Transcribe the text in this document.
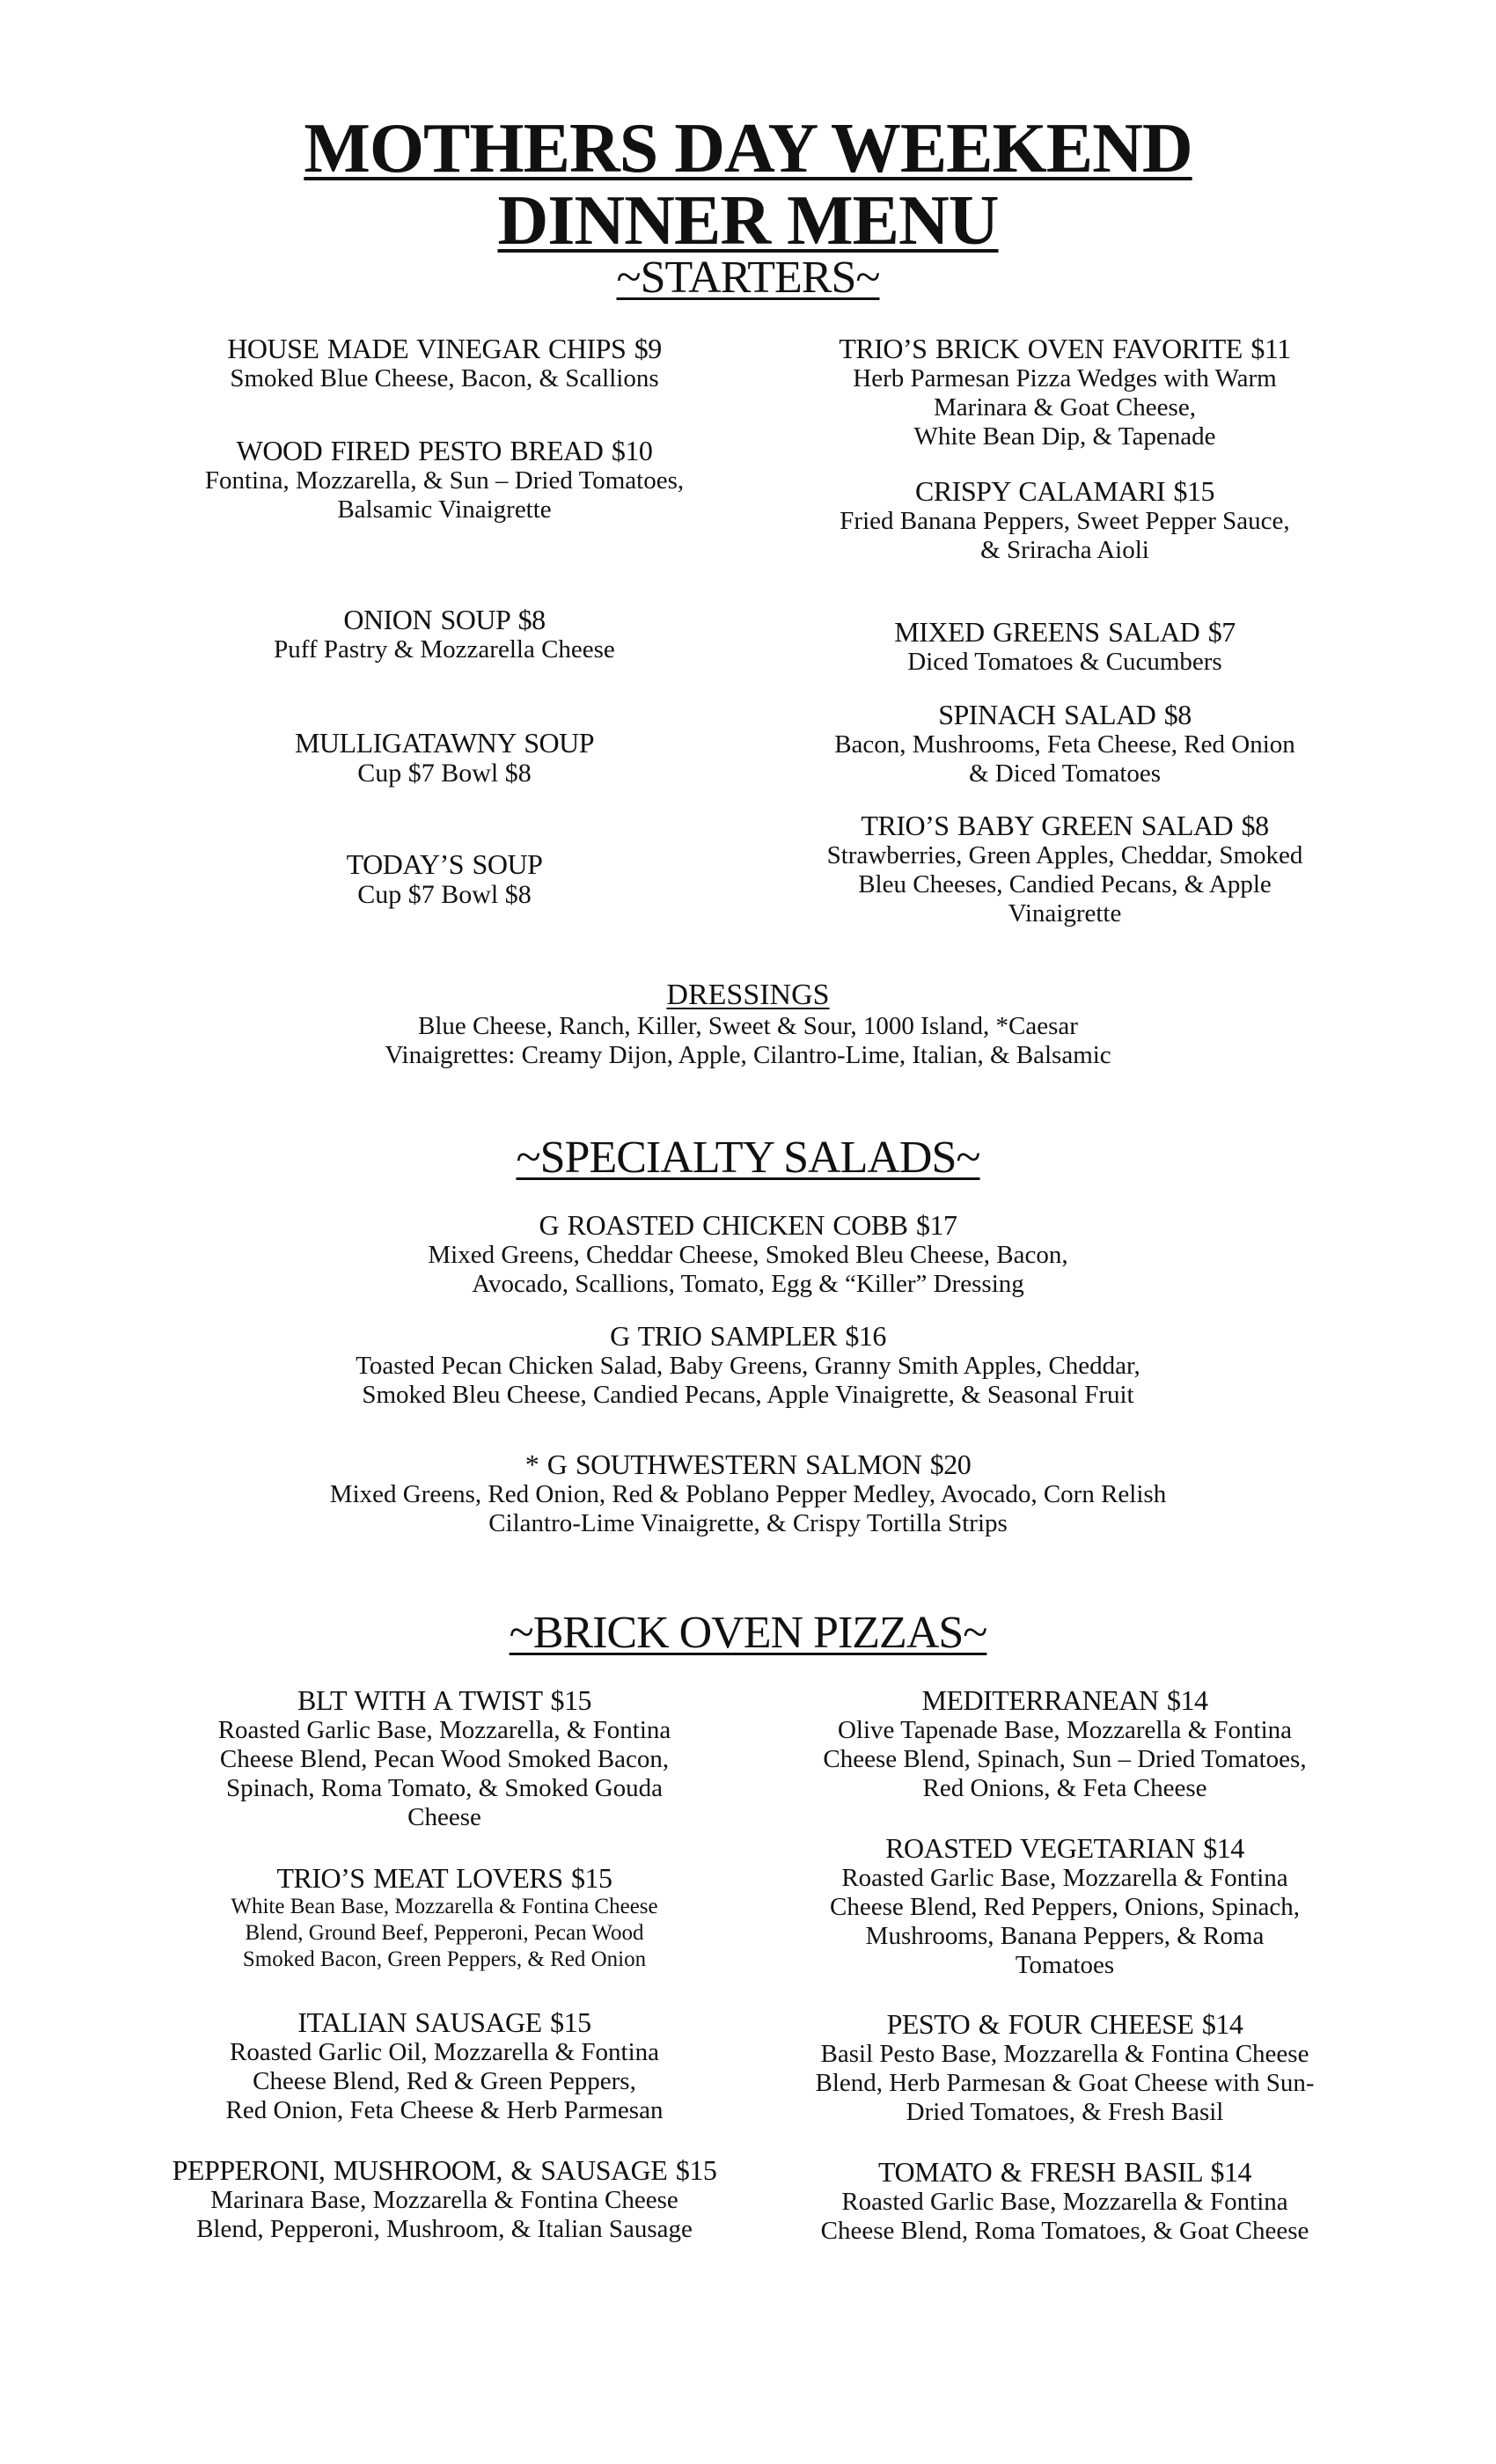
MOTHERS DAY WEEKEND
DINNER MENU
~STARTERS~
HOUSE MADE VINEGAR CHIPS $9
Smoked Blue Cheese, Bacon, & Scallions
WOOD FIRED PESTO BREAD $10
Fontina, Mozzarella, & Sun – Dried Tomatoes,
Balsamic Vinaigrette
ONION SOUP $8
Puff Pastry & Mozzarella Cheese
MULLIGATAWNY SOUP
Cup $7 Bowl $8
TODAY’S SOUP
Cup $7 Bowl $8
TRIO’S BRICK OVEN FAVORITE $11
Herb Parmesan Pizza Wedges with Warm
Marinara & Goat Cheese,
White Bean Dip, & Tapenade
CRISPY CALAMARI $15
Fried Banana Peppers, Sweet Pepper Sauce,
& Sriracha Aioli
MIXED GREENS SALAD $7
Diced Tomatoes & Cucumbers
SPINACH SALAD $8
Bacon, Mushrooms, Feta Cheese, Red Onion
& Diced Tomatoes
TRIO’S BABY GREEN SALAD $8
Strawberries, Green Apples, Cheddar, Smoked
Bleu Cheeses, Candied Pecans, & Apple
Vinaigrette
DRESSINGS
Blue Cheese, Ranch, Killer, Sweet & Sour, 1000 Island, *Caesar
Vinaigrettes: Creamy Dijon, Apple, Cilantro-Lime, Italian, & Balsamic
~SPECIALTY SALADS~
G ROASTED CHICKEN COBB $17
Mixed Greens, Cheddar Cheese, Smoked Bleu Cheese, Bacon,
Avocado, Scallions, Tomato, Egg & “Killer” Dressing
G TRIO SAMPLER $16
Toasted Pecan Chicken Salad, Baby Greens, Granny Smith Apples, Cheddar,
Smoked Bleu Cheese, Candied Pecans, Apple Vinaigrette, & Seasonal Fruit
* G SOUTHWESTERN SALMON $20
Mixed Greens, Red Onion, Red & Poblano Pepper Medley, Avocado, Corn Relish
Cilantro-Lime Vinaigrette, & Crispy Tortilla Strips
~BRICK OVEN PIZZAS~
BLT WITH A TWIST $15
Roasted Garlic Base, Mozzarella, & Fontina
Cheese Blend, Pecan Wood Smoked Bacon,
Spinach, Roma Tomato, & Smoked Gouda
Cheese
TRIO’S MEAT LOVERS $15
White Bean Base, Mozzarella & Fontina Cheese
Blend, Ground Beef, Pepperoni, Pecan Wood
Smoked Bacon, Green Peppers, & Red Onion
ITALIAN SAUSAGE $15
Roasted Garlic Oil, Mozzarella & Fontina
Cheese Blend, Red & Green Peppers,
Red Onion, Feta Cheese & Herb Parmesan
PEPPERONI, MUSHROOM, & SAUSAGE $15
Marinara Base, Mozzarella & Fontina Cheese
Blend, Pepperoni, Mushroom, & Italian Sausage
MEDITERRANEAN $14
Olive Tapenade Base, Mozzarella & Fontina
Cheese Blend, Spinach, Sun – Dried Tomatoes,
Red Onions, & Feta Cheese
ROASTED VEGETARIAN $14
Roasted Garlic Base, Mozzarella & Fontina
Cheese Blend, Red Peppers, Onions, Spinach,
Mushrooms, Banana Peppers, & Roma
Tomatoes
PESTO & FOUR CHEESE $14
Basil Pesto Base, Mozzarella & Fontina Cheese
Blend, Herb Parmesan & Goat Cheese with Sun-
Dried Tomatoes, & Fresh Basil
TOMATO & FRESH BASIL $14
Roasted Garlic Base, Mozzarella & Fontina
Cheese Blend, Roma Tomatoes, & Goat Cheese
